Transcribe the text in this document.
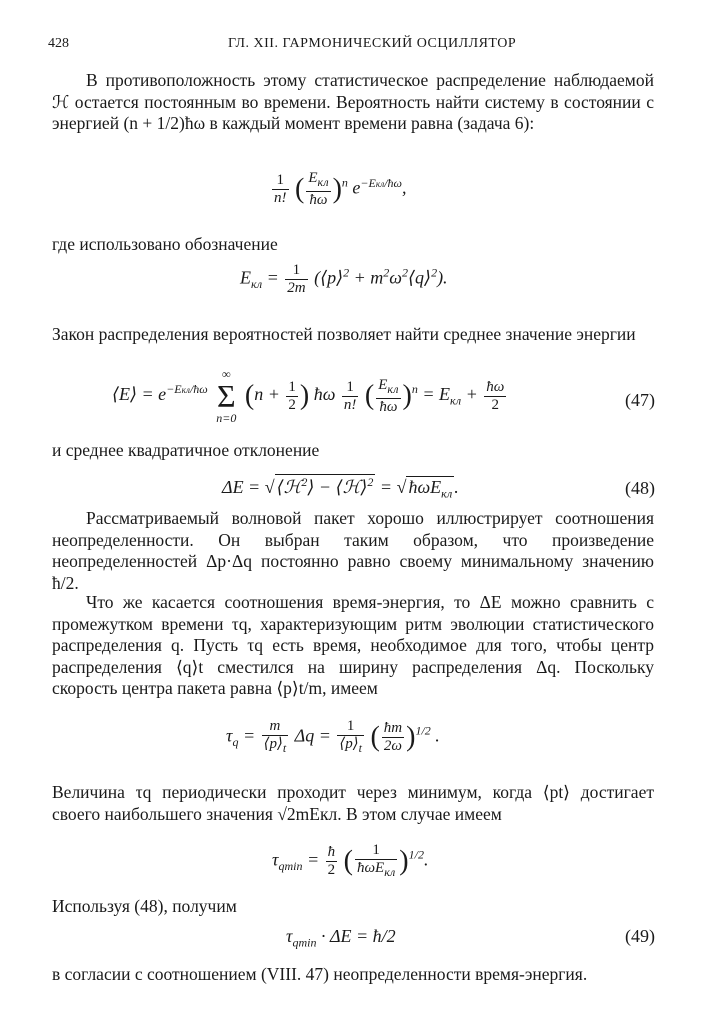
428	ГЛ. XII. ГАРМОНИЧЕСКИЙ ОСЦИЛЛЯТОР

В противоположность этому статистическое распределение наблюдаемой ℋ остается постоянным во времени. Вероятность найти систему в состоянии с энергией (n + 1/2)ħω в каждый момент времени равна (задача 6):

$\frac{1}{n!}$ ( $\frac{E_{кл}}{ħ\omega} )^n$ $e^{-Eкл/ħ\omega}$,

где использовано обозначение

$E_{кл} = \frac{1}{2m}$ (⟨p⟩$^2$ + $m^2\omega^2⟨q⟩^2$).

Закон распределения вероятностей позволяет найти среднее значение энергии

⟨E⟩ = $e^{-Eкл/ħ\omega}$
∞
Σ
n=0
($n + \frac{1}{2}$ ) ħω $\frac{1}{n!}$ ( $\frac{E_{кл}}{ħ\omega} )^n = E_{кл} + \frac{ħ\omega}{2}$	(47)

и среднее квадратичное отклонение

ΔE = √ ⟨ℋ$^2$⟩ − ⟨ℋ⟩$^2$ = √ ħωE$_{кл}$ .	(48)

Рассматриваемый волновой пакет хорошо иллюстрирует соотношения неопределенности. Он выбран таким образом, что произведение неопределенностей Δp·Δq постоянно равно своему минимальному значению ħ/2.

Что же касается соотношения время-энергия, то ΔE можно сравнить с промежутком времени τq, характеризующим ритм эволюции статистического распределения q. Пусть τq есть время, необходимое для того, чтобы центр распределения ⟨q⟩t сместился на ширину распределения Δq. Поскольку скорость центра пакета равна ⟨p⟩t/m, имеем

$\tau_q = \frac{m}{⟨p⟩_t}$ $\Delta q = \frac{1}{⟨p⟩_t}$ ( $\frac{ħm}{2\omega} )^{1/2}$ .

Величина τq периодически проходит через минимум, когда ⟨pt⟩ достигает своего наибольшего значения √2mEкл. В этом случае имеем

$\tau_{qmin} = \frac{ħ}{2}$ ( $\frac{1}{ħ\omega E_{кл}} )^{1/2}$.

Используя (48), получим

$\tau_{qmin} \cdot \Delta E$ = ħ/2	(49)

в согласии с соотношением (VIII. 47) неопределенности время-энергия.
